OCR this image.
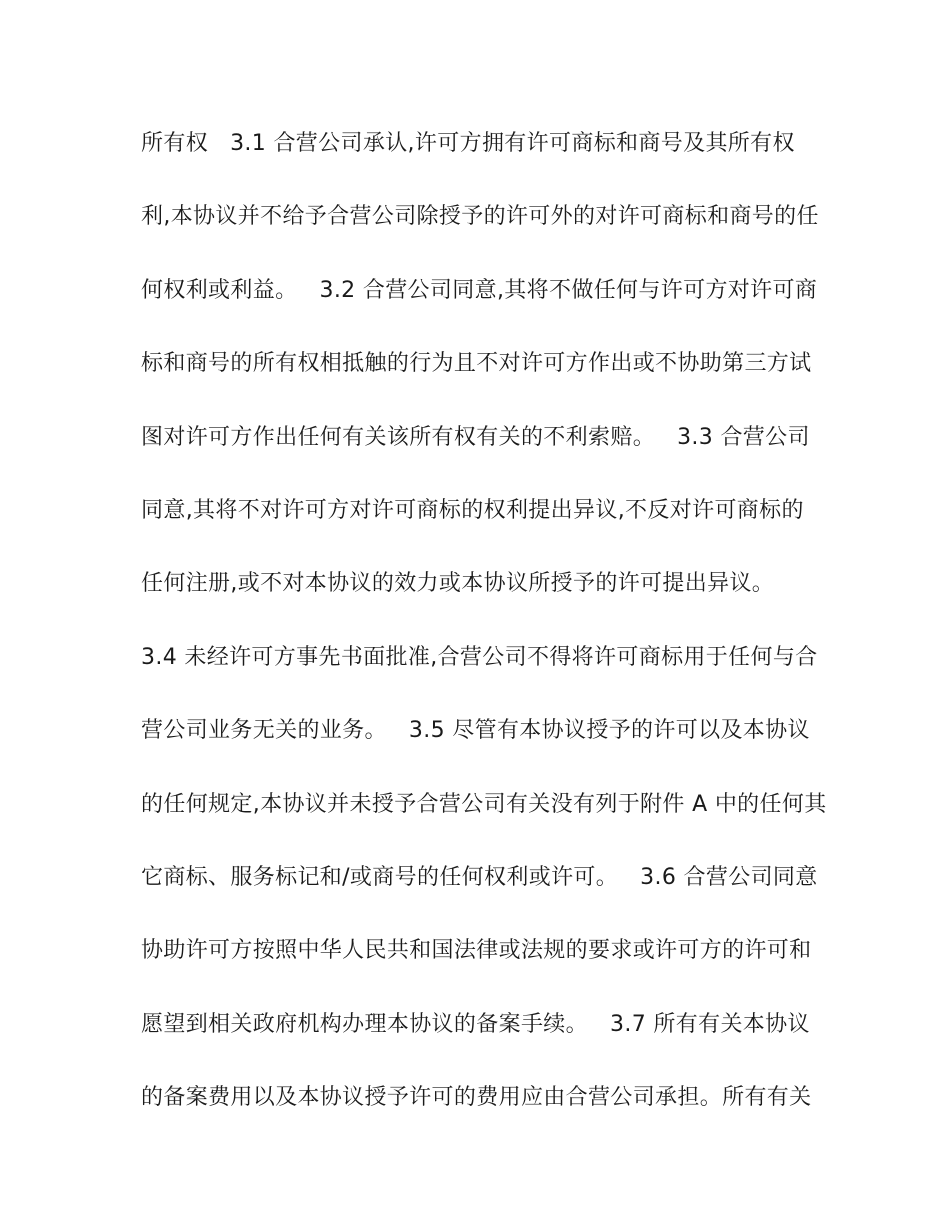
所有权   3.1 合营公司承认,许可方拥有许可商标和商号及其所有权
利,本协议并不给予合营公司除授予的许可外的对许可商标和商号的任
何权利或利益。   3.2 合营公司同意,其将不做任何与许可方对许可商
标和商号的所有权相抵触的行为且不对许可方作出或不协助第三方试
图对许可方作出任何有关该所有权有关的不利索赔。   3.3 合营公司
同意,其将不对许可方对许可商标的权利提出异议,不反对许可商标的
任何注册,或不对本协议的效力或本协议所授予的许可提出异议。
3.4 未经许可方事先书面批准,合营公司不得将许可商标用于任何与合
营公司业务无关的业务。   3.5 尽管有本协议授予的许可以及本协议
的任何规定,本协议并未授予合营公司有关没有列于附件 A 中的任何其
它商标、服务标记和/或商号的任何权利或许可。   3.6 合营公司同意
协助许可方按照中华人民共和国法律或法规的要求或许可方的许可和
愿望到相关政府机构办理本协议的备案手续。   3.7 所有有关本协议
的备案费用以及本协议授予许可的费用应由合营公司承担。所有有关
